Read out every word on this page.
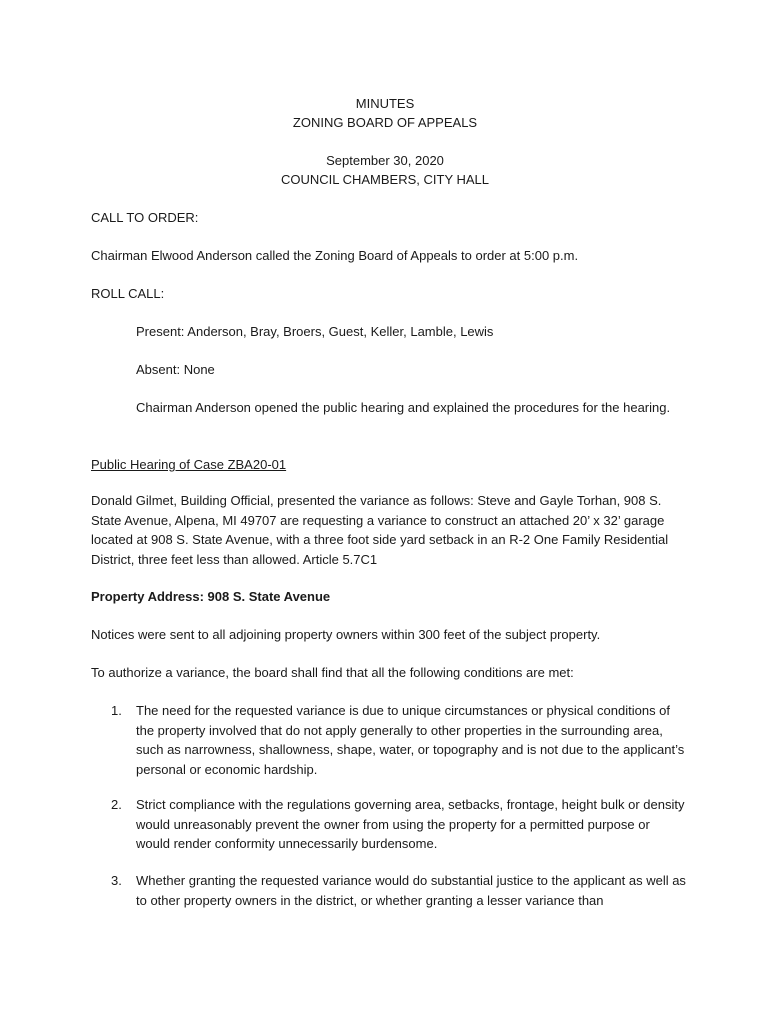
MINUTES
ZONING BOARD OF APPEALS
September 30, 2020
COUNCIL CHAMBERS, CITY HALL
CALL TO ORDER:
Chairman Elwood Anderson called the Zoning Board of Appeals to order at 5:00 p.m.
ROLL CALL:
Present: Anderson, Bray, Broers, Guest, Keller, Lamble, Lewis
Absent: None
Chairman Anderson opened the public hearing and explained the procedures for the hearing.
Public Hearing of Case ZBA20-01
Donald Gilmet, Building Official, presented the variance as follows: Steve and Gayle Torhan, 908 S. State Avenue, Alpena, MI 49707 are requesting a variance to construct an attached 20’ x 32’ garage located at 908 S. State Avenue, with a three foot side yard setback in an R-2 One Family Residential District, three feet less than allowed. Article 5.7C1
Property Address: 908 S. State Avenue
Notices were sent to all adjoining property owners within 300 feet of the subject property.
To authorize a variance, the board shall find that all the following conditions are met:
1. The need for the requested variance is due to unique circumstances or physical conditions of the property involved that do not apply generally to other properties in the surrounding area, such as narrowness, shallowness, shape, water, or topography and is not due to the applicant’s personal or economic hardship.
2. Strict compliance with the regulations governing area, setbacks, frontage, height bulk or density would unreasonably prevent the owner from using the property for a permitted purpose or would render conformity unnecessarily burdensome.
3. Whether granting the requested variance would do substantial justice to the applicant as well as to other property owners in the district, or whether granting a lesser variance than
